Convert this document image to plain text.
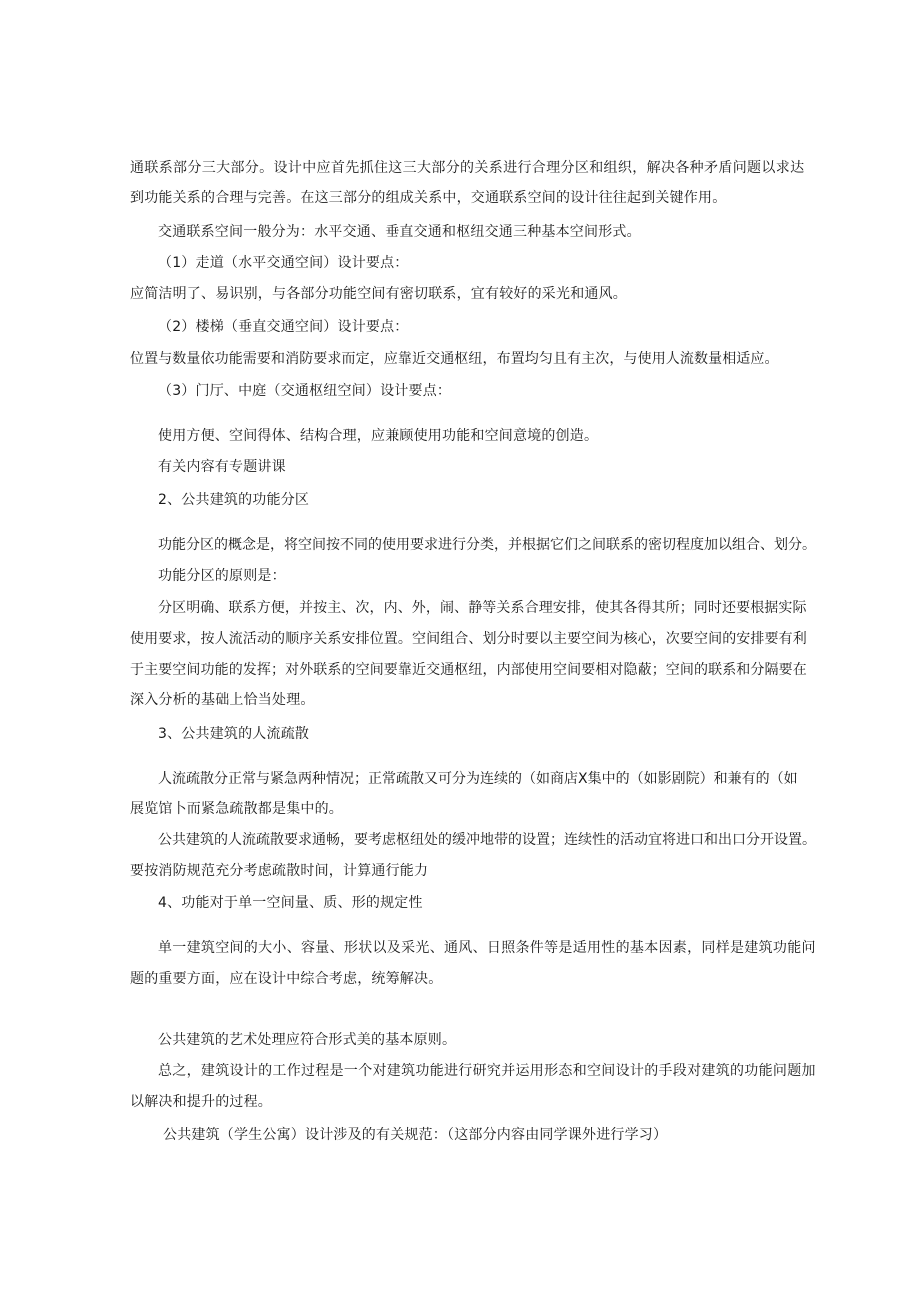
通联系部分三大部分。设计中应首先抓住这三大部分的关系进行合理分区和组织，解决各种矛盾问题以求达
到功能关系的合理与完善。在这三部分的组成关系中，交通联系空间的设计往往起到关键作用。
交通联系空间一般分为：水平交通、垂直交通和枢纽交通三种基本空间形式。
（1）走道（水平交通空间）设计要点：
应简洁明了、易识别，与各部分功能空间有密切联系，宜有较好的采光和通风。
（2）楼梯（垂直交通空间）设计要点：
位置与数量依功能需要和消防要求而定，应靠近交通枢纽，布置均匀且有主次，与使用人流数量相适应。
（3）门厅、中庭（交通枢纽空间）设计要点：
使用方便、空间得体、结构合理，应兼顾使用功能和空间意境的创造。
有关内容有专题讲课
2、公共建筑的功能分区
功能分区的概念是，将空间按不同的使用要求进行分类，并根据它们之间联系的密切程度加以组合、划分。
功能分区的原则是：
分区明确、联系方便，并按主、次，内、外，闹、静等关系合理安排，使其各得其所；同时还要根据实际
使用要求，按人流活动的顺序关系安排位置。空间组合、划分时要以主要空间为核心，次要空间的安排要有利
于主要空间功能的发挥；对外联系的空间要靠近交通枢纽，内部使用空间要相对隐蔽；空间的联系和分隔要在
深入分析的基础上恰当处理。
3、公共建筑的人流疏散
人流疏散分正常与紧急两种情况；正常疏散又可分为连续的（如商店X集中的（如影剧院）和兼有的（如
展览馆卜而紧急疏散都是集中的。
公共建筑的人流疏散要求通畅，要考虑枢纽处的缓冲地带的设置；连续性的活动宜将进口和出口分开设置。
要按消防规范充分考虑疏散时间，计算通行能力
4、功能对于单一空间量、质、形的规定性
单一建筑空间的大小、容量、形状以及采光、通风、日照条件等是适用性的基本因素，同样是建筑功能问
题的重要方面，应在设计中综合考虑，统筹解决。
公共建筑的艺术处理应符合形式美的基本原则。
总之，建筑设计的工作过程是一个对建筑功能进行研究并运用形态和空间设计的手段对建筑的功能问题加
以解决和提升的过程。
公共建筑（学生公寓）设计涉及的有关规范：（这部分内容由同学课外进行学习）
